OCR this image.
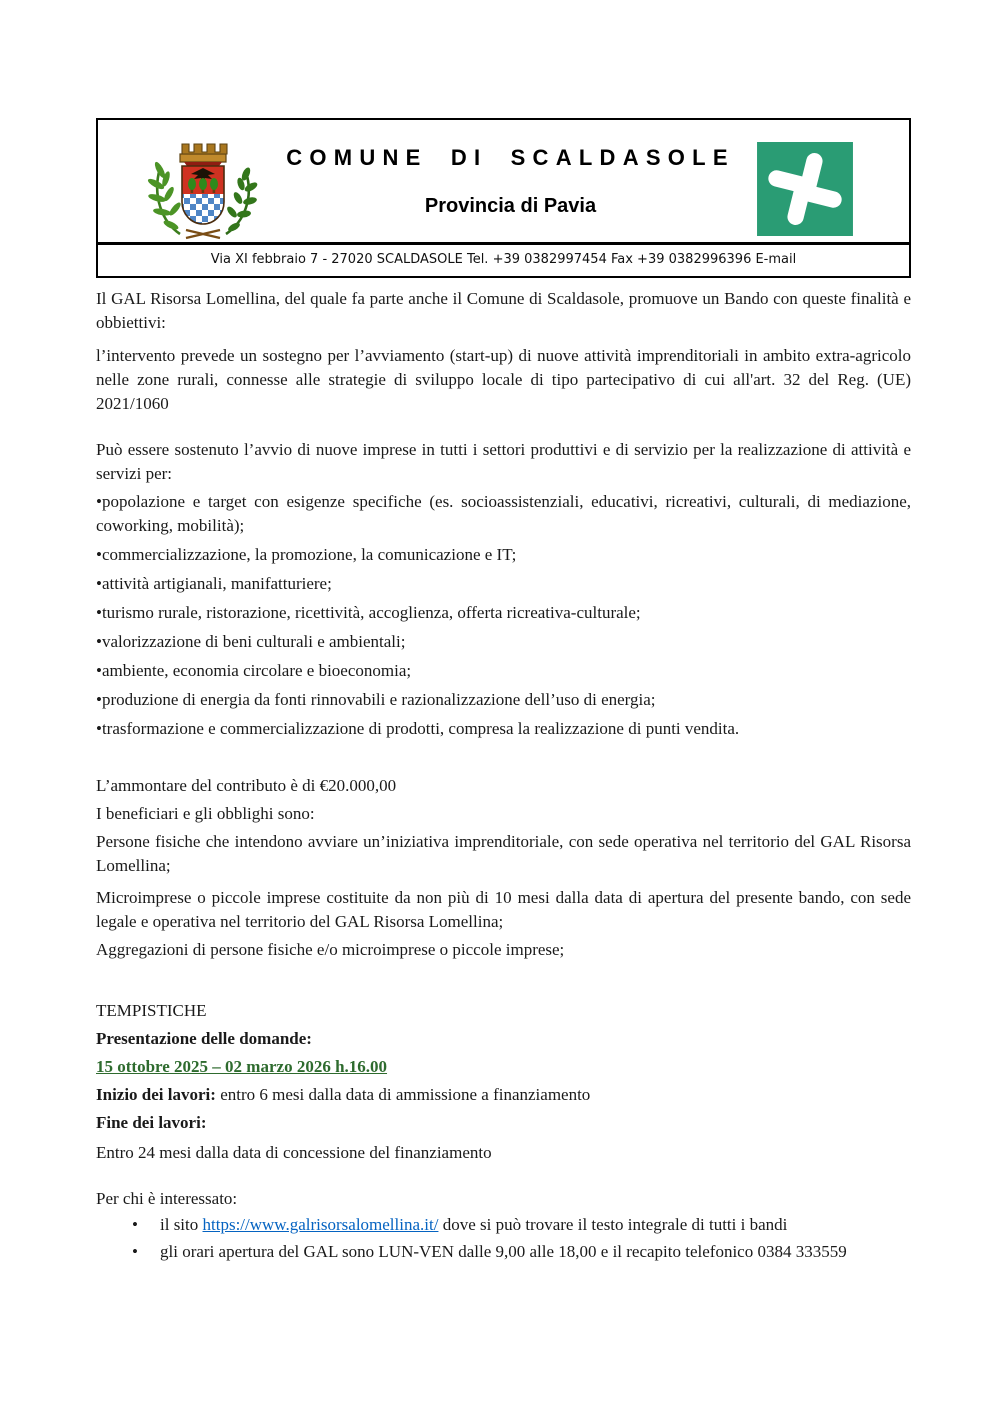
COMUNE DI SCALDASOLE
Provincia di Pavia
Via XI febbraio 7 - 27020 SCALDASOLE Tel. +39 0382997454 Fax +39 0382996396 E-mail

Il GAL Risorsa Lomellina, del quale fa parte anche il Comune di Scaldasole, promuove un Bando con queste finalità e obbiettivi:

l’intervento prevede un sostegno per l’avviamento (start-up) di nuove attività imprenditoriali in ambito extra-agricolo nelle zone rurali, connesse alle strategie di sviluppo locale di tipo partecipativo di cui all'art. 32 del Reg. (UE) 2021/1060

Può essere sostenuto l’avvio di nuove imprese in tutti i settori produttivi e di servizio per la realizzazione di attività e servizi per:

• popolazione e target con esigenze specifiche (es. socioassistenziali, educativi, ricreativi, culturali, di mediazione, coworking, mobilità);

• commercializzazione, la promozione, la comunicazione e IT;

• attività artigianali, manifatturiere;

• turismo rurale, ristorazione, ricettività, accoglienza, offerta ricreativa-culturale;

• valorizzazione di beni culturali e ambientali;

• ambiente, economia circolare e bioeconomia;

• produzione di energia da fonti rinnovabili e razionalizzazione dell’uso di energia;

• trasformazione e commercializzazione di prodotti, compresa la realizzazione di punti vendita.

L’ammontare del contributo è di €20.000,00

I beneficiari e gli obblighi sono:

Persone fisiche che intendono avviare un’iniziativa imprenditoriale, con sede operativa nel territorio del GAL Risorsa Lomellina;

Microimprese o piccole imprese costituite da non più di 10 mesi dalla data di apertura del presente bando, con sede legale e operativa nel territorio del GAL Risorsa Lomellina;

Aggregazioni di persone fisiche e/o microimprese o piccole imprese;

TEMPISTICHE

Presentazione delle domande:

15 ottobre 2025 – 02 marzo 2026 h.16.00

Inizio dei lavori: entro 6 mesi dalla data di ammissione a finanziamento

Fine dei lavori:

Entro 24 mesi dalla data di concessione del finanziamento

Per chi è interessato:

• il sito https://www.galrisorsalomellina.it/ dove si può trovare il testo integrale di tutti i bandi

• gli orari apertura del GAL sono LUN-VEN dalle 9,00 alle 18,00 e il recapito telefonico 0384 333559
